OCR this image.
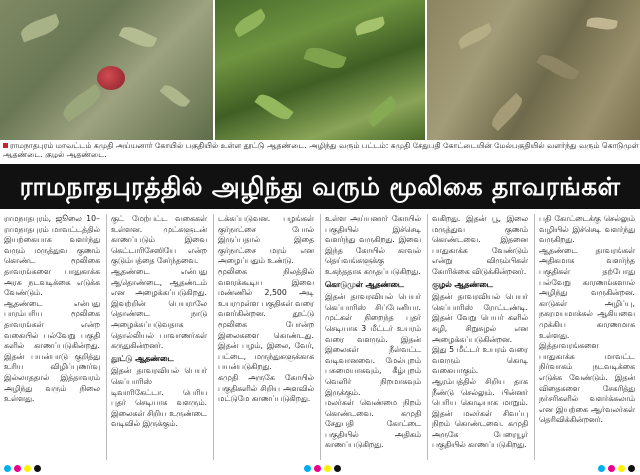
ராமநாதபுரம் மாவட்டம் கமுதி அய்யனார் கோயில் பகுதியில் உள்ள தூட்டு ஆதண்டை. அழிந்து வரும் பட்டம்: கமுதி சேதுபதி கோட்டையின் மேல்பகுதியில் வளர்ந்து வரும் கொடுமுள் ஆதண்டை. குழல் ஆதண்டை.
ராமநாதபுரத்தில் அழிந்து வரும் மூலிகை தாவரங்கள்

ராமநாதபுரம், ஜூலை 10– ராமநாதபுரம் மாவட்டத்தில் இயற்கையாக வளர்ந்து வரும் மருத்துவ குணம் கொண்ட மூலிகை தாவரங்களை பாதுகாக்க அரசு நடவடிக்கை எடுக்க வேண்டும்.

ஆதண்டை என்பது பாரம்பரிய மூலிகை தாவரங்கள் என்ற வகையில் பல்வேறு பகுதி களில் காணப்படுகின்றது. இதன் பயன்பாடு குறித்து உரிய விழிப்புணர்வு இல்லாததால் இத்தாவரம் அழிந்து வரும் நிலை உள்ளது.

குட் மேற்பட்ட வகைகள் உள்ளன. முட்களுடன் காணப்படும் இவை கெட்டாரிசேஸியே என்ற குடும்பத்தை சேர்ந்தவை.

ஆதண்டை என்பது ஆதொண்டை, ஆதண்டம் என அழைக்கப்படுகிறது. இவற்றின் பெயராலே தொண்டை நாடு அழைக்கப்படுவதாக தொல்லியல் பாவாணர்கள் கருதுகின்றனர்.

தூட்டு ஆதண்டை

இதன் தாவரவியல் பெயர் கெப்பாரிஸ் டிவாரிகேட்டா. பெரிய புதர் செடியாக வளரும். இலைகள் சிறிய உருண்டை வடிவில் இருக்கும்.

டக்கப்படுவன. பழங்கள் குர்நாட்சை போல் இருப்பதால் இதை குர்நாட்சை மரம் என அழைப்பதும் உண்டு.

மூலிகை நிலத்தில் வளரக்கூடிய இவை மண்ணில் 2,500 அடி உயரமுள்ள பகுதிகள் வரை வளர்கின்றன. தூட்டு மூலிகை போன்ற இலைகளை கொண்டது. இதன் பழம், இலை, வேர், பட்டை, மருந்துகளுக்காக பயன்படுகிறது.

கமுதி அருகே கோயில் பகுதிகளில் சிறிய அளவில் மட்டுமே காணப்படுகிறது.

உள்ள அய்யனார் கோயில் பகுதியில் இச்செடி வளர்ந்து வருகிறது. இவை இந்த கோயில் காவல் தெய்வங்களுக்கு உகந்ததாக கருதப்படுகிறது.

கொடுமுள் ஆதண்டை

இதன் தாவரவியல் பெயர் கெப்பாரிஸ் சிப்பேனியா. முட்கள் நிறைந்த புதர் செடியாக 3 மீட்டர் உயரம் வரை வளரும். இதன் இலைகள் நீள்வட்ட வடிவானவை. மேல்புறம் பசுமையாகவும், கீழ்புறம் வெளிர் நிறமாகவும் இருக்கும்.

மலர்கள் வெண்மை நிறம் கொண்டவை. கமுதி சேதுபதி கோட்டை பகுதியில் அதிகம் காணப்படுகிறது.

வகிறது. இதன் பூ, இலை மருத்துவ குணம் கொண்டவை. இதனை பாதுகாக்க வேண்டும் என்று விரும்பிகள் கோரிக்கை விடுக்கின்றனர்.

குழல் ஆதண்டை

இதன் தாவரவியல் பெயர் கெப்பாரிஸ் ரோட்டண்டி. இதன் வேறு பெயர் களில் சுழி, சிறுசுழல் என அழைக்கப்படுகின்றன. இது 5 மீட்டர் உயரம் வரை வளரும் கொடி வகையாகும்.

ஆரம்பத்தில் சிறிய தாக நீண்டு செல்லும். பின்னர் பெரிய கொடியாக மாறும். இதன் மலர்கள் சிவப்பு நிறம் கொண்டவை. கமுதி அருகே பேரையூர் பகுதியில் காணப்படுகிறது.

பதி கோட்டைக்கு செல்லும் வழியில் இச்செடி வளர்ந்து வருகிறது.

ஆதண்டை தாவரங்கள் அதிகமாக வளர்ந்த பகுதிகள் தற்போது பல்வேறு காரணங்களால் அழிந்து வருகின்றன. காடுகள் அழிப்பு, நகரமயமாக்கல் ஆகியவை முக்கிய காரணமாக உள்ளது.

இத்தாவரங்களை பாதுகாக்க மாவட்ட நிர்வாகம் நடவடிக்கை எடுக்க வேண்டும். இதன் விதைகளை சேகரித்து நர்சரிகளில் வளர்க்கலாம் என இயற்கை ஆர்வலர்கள் தெரிவிக்கின்றனர்.
